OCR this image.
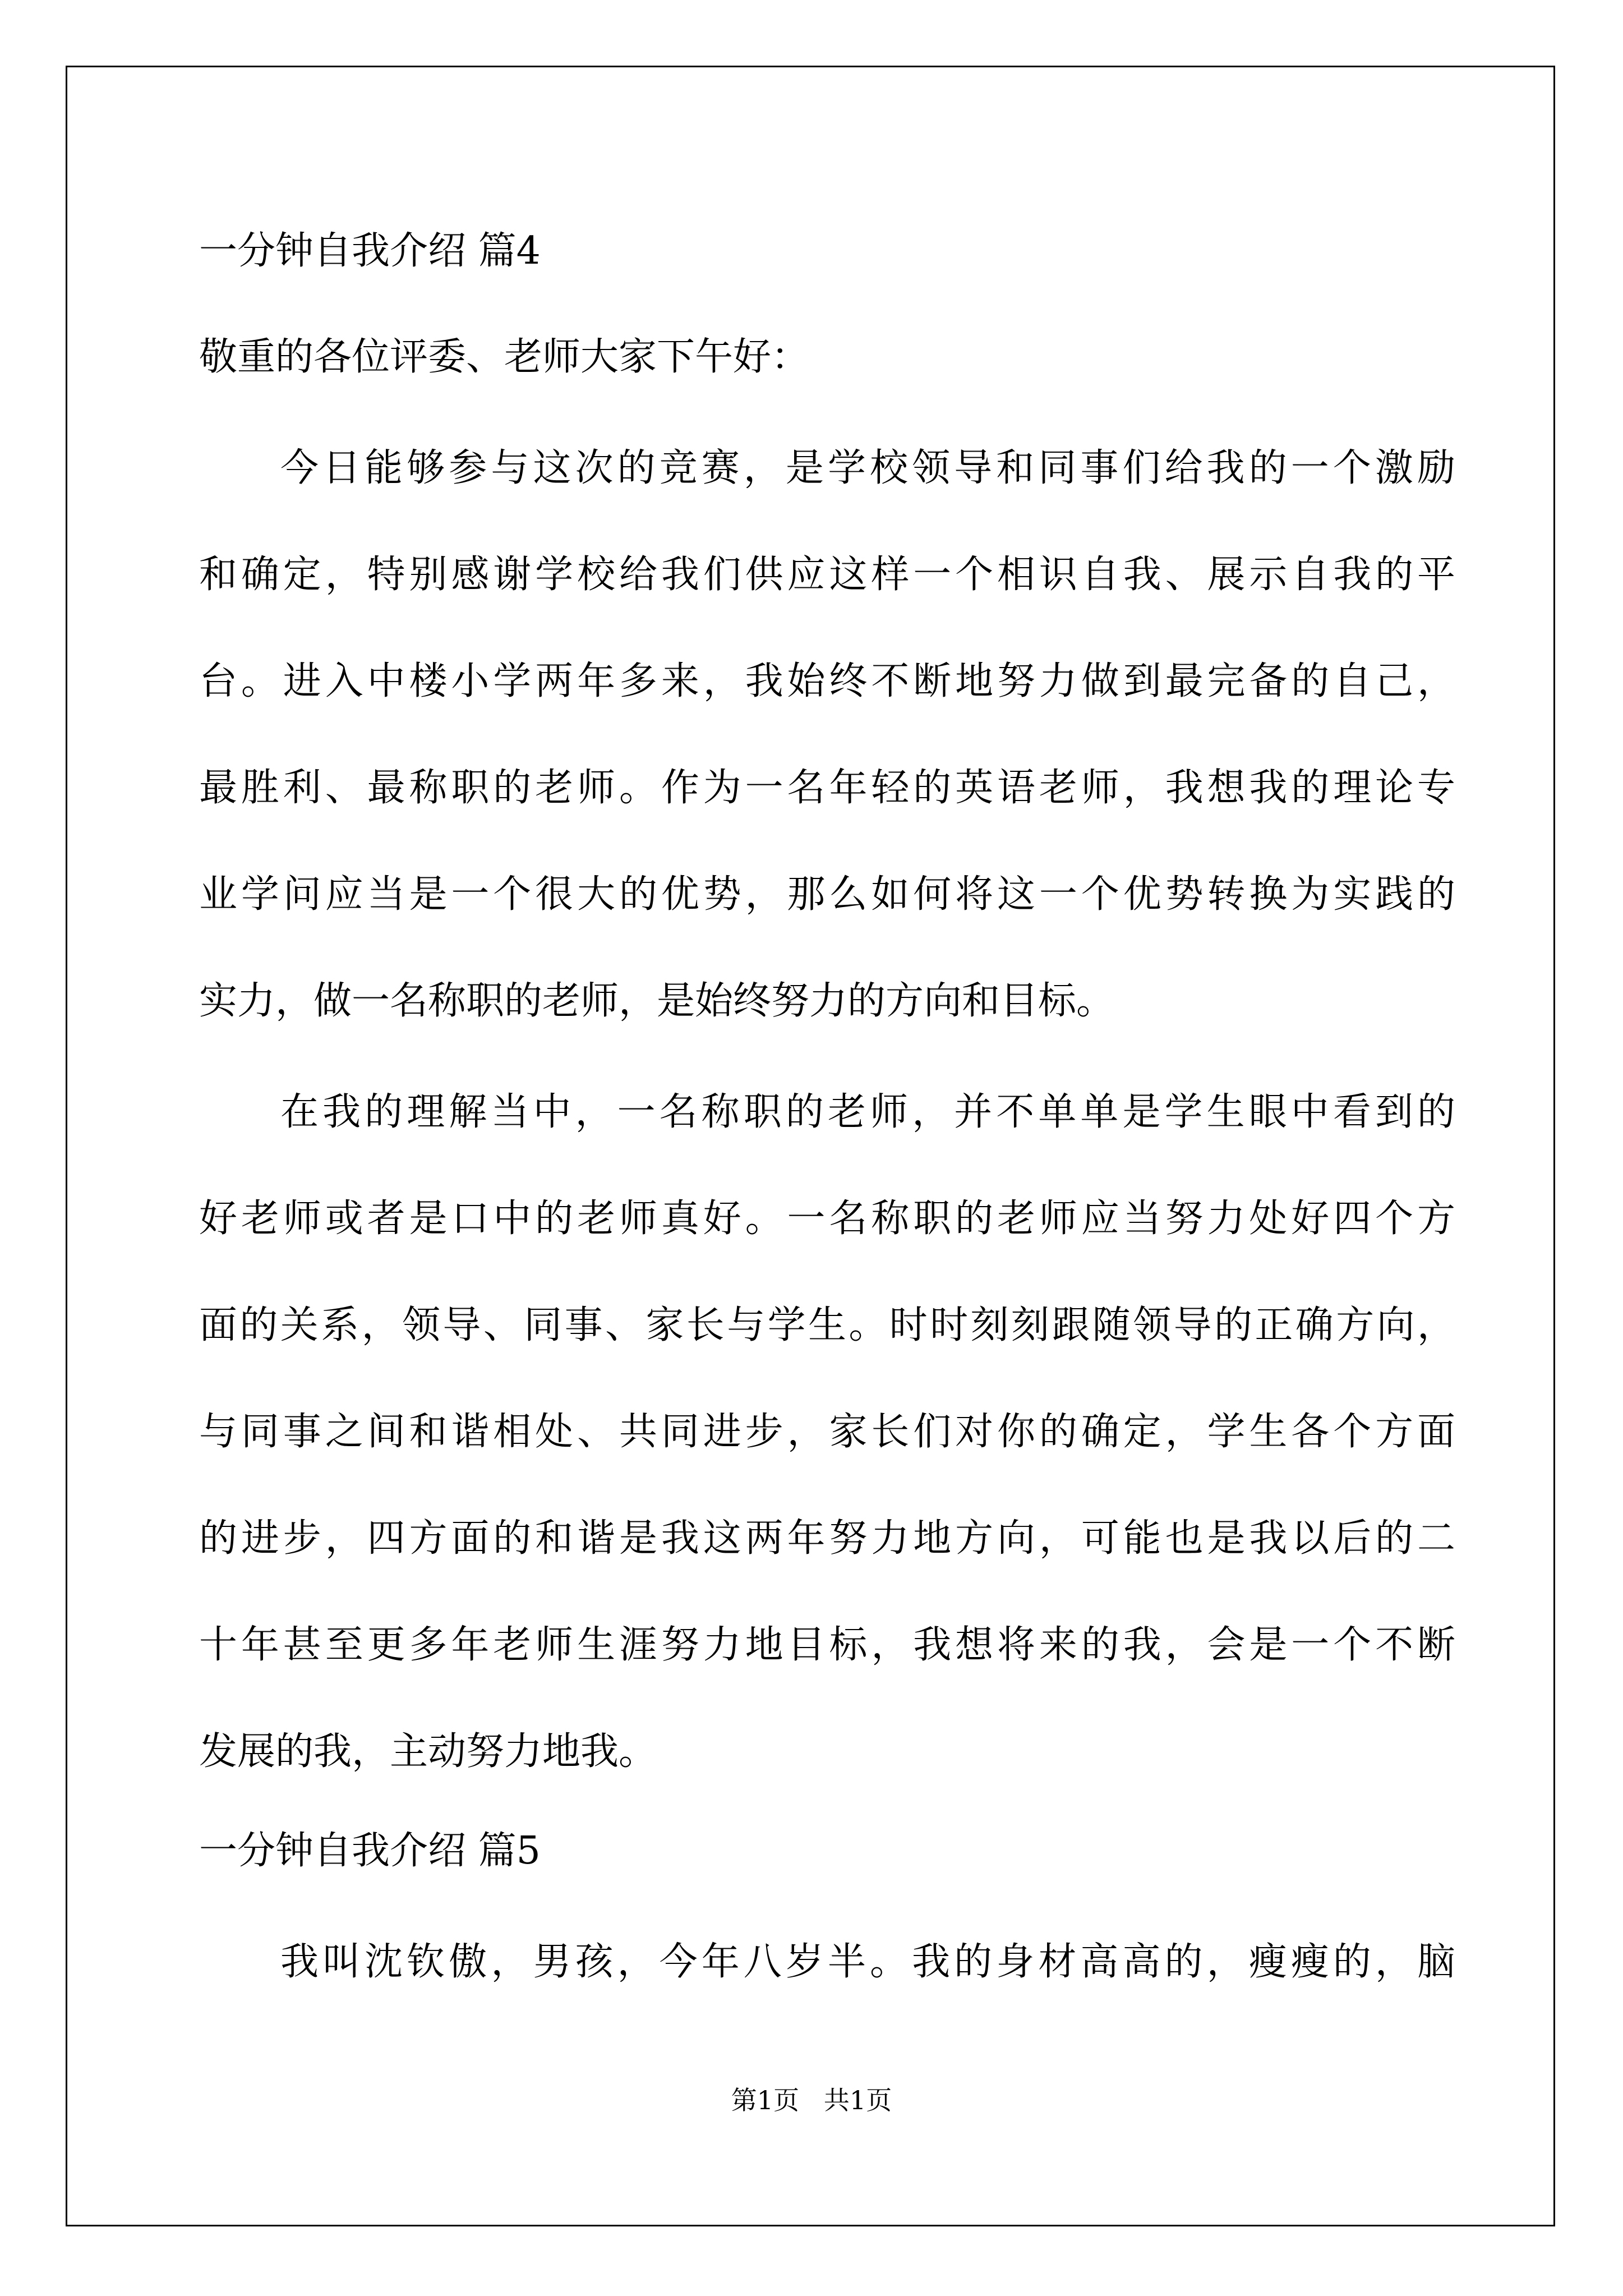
一分钟自我介绍 篇4
敬重的各位评委、老师大家下午好：
今日能够参与这次的竞赛，是学校领导和同事们给我的一个激励
和确定，特别感谢学校给我们供应这样一个相识自我、展示自我的平
台。进入中楼小学两年多来，我始终不断地努力做到最完备的自己，
最胜利、最称职的老师。作为一名年轻的英语老师，我想我的理论专
业学问应当是一个很大的优势，那么如何将这一个优势转换为实践的
实力，做一名称职的老师，是始终努力的方向和目标。
在我的理解当中，一名称职的老师，并不单单是学生眼中看到的
好老师或者是口中的老师真好。一名称职的老师应当努力处好四个方
面的关系，领导、同事、家长与学生。时时刻刻跟随领导的正确方向，
与同事之间和谐相处、共同进步，家长们对你的确定，学生各个方面
的进步，四方面的和谐是我这两年努力地方向，可能也是我以后的二
十年甚至更多年老师生涯努力地目标，我想将来的我，会是一个不断
发展的我，主动努力地我。
一分钟自我介绍 篇5
我叫沈钦傲，男孩，今年八岁半。我的身材高高的，瘦瘦的，脑
第1页   共1页
